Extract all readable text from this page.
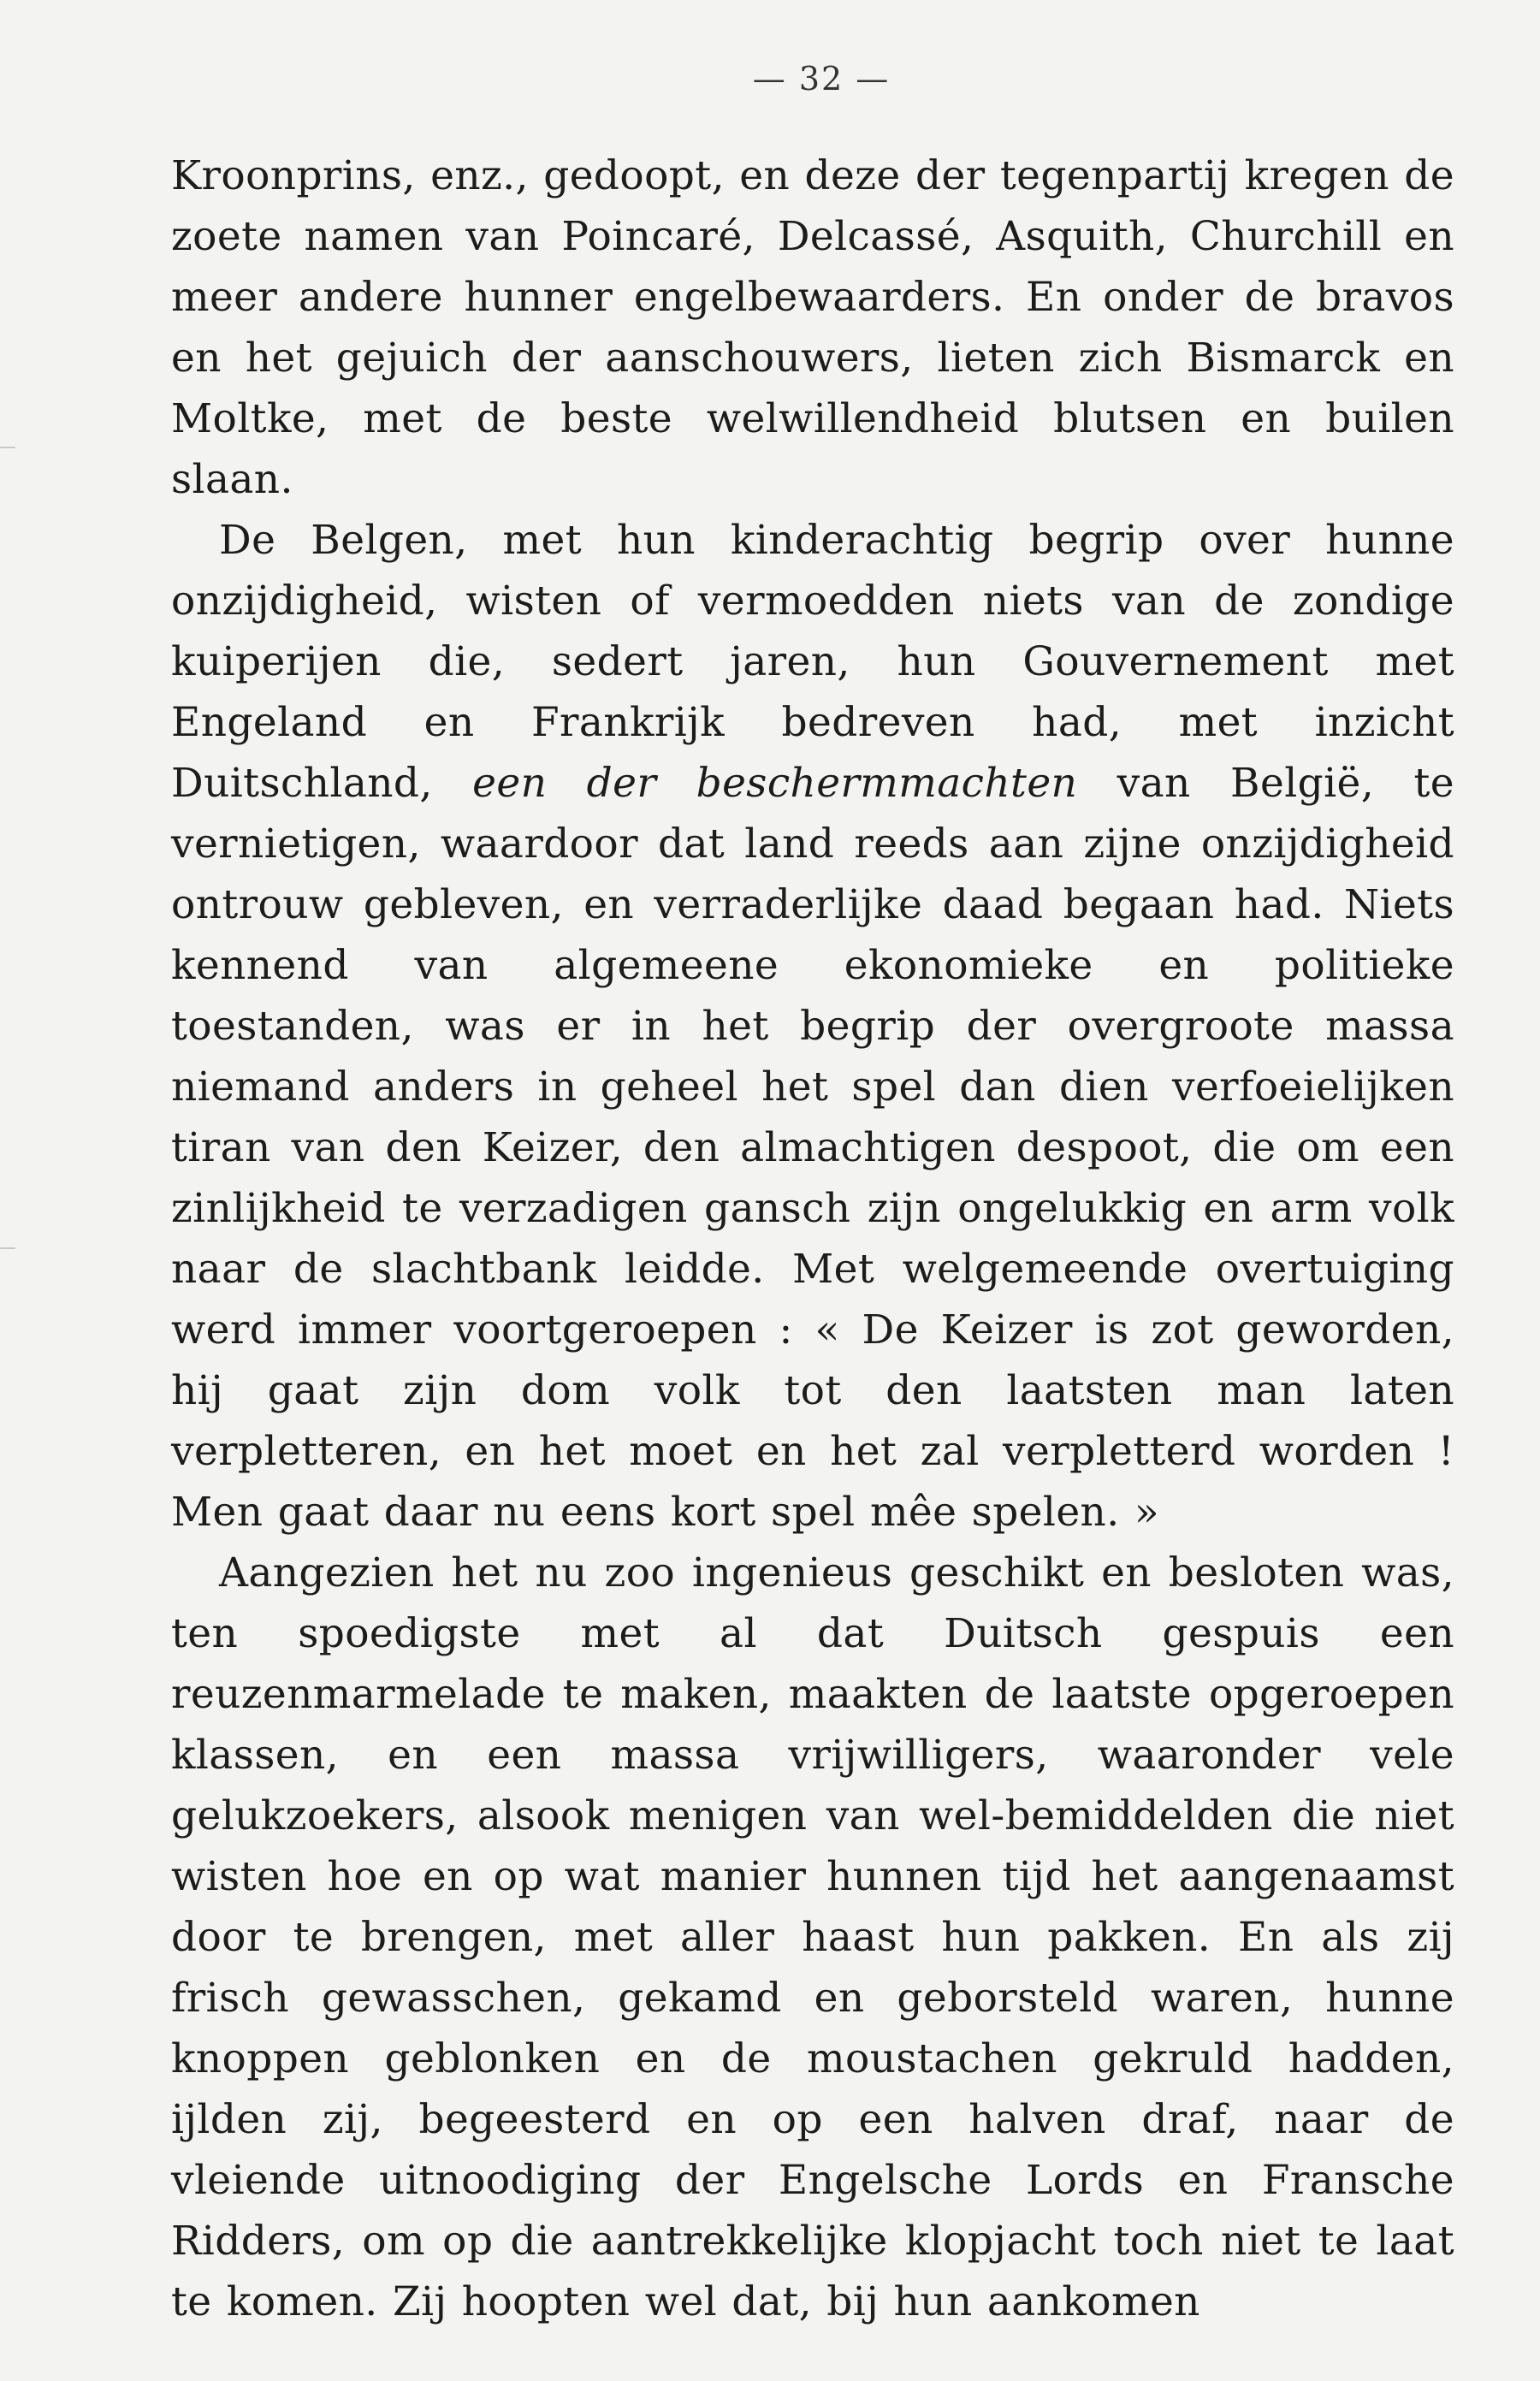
— 32 —

Kroonprins, enz., gedoopt, en deze der tegenpartij kregen de zoete namen van Poincaré, Delcassé, Asquith, Churchill en meer andere hunner engelbewaarders. En onder de bravos en het gejuich der aanschouwers, lieten zich Bismarck en Moltke, met de beste welwillendheid blutsen en builen slaan.

De Belgen, met hun kinderachtig begrip over hunne onzijdigheid, wisten of vermoedden niets van de zondige kuiperijen die, sedert jaren, hun Gouvernement met Engeland en Frankrijk bedreven had, met inzicht Duitschland, een der beschermmachten van België, te vernietigen, waardoor dat land reeds aan zijne onzijdigheid ontrouw gebleven, en verraderlijke daad begaan had. Niets kennend van algemeene ekonomieke en politieke toestanden, was er in het begrip der overgroote massa niemand anders in geheel het spel dan dien verfoeielijken tiran van den Keizer, den almachtigen despoot, die om een zinlijkheid te verzadigen gansch zijn ongelukkig en arm volk naar de slachtbank leidde. Met welgemeende overtuiging werd immer voortgeroepen : « De Keizer is zot geworden, hij gaat zijn dom volk tot den laatsten man laten verpletteren, en het moet en het zal verpletterd worden ! Men gaat daar nu eens kort spel mêe spelen. »

Aangezien het nu zoo ingenieus geschikt en besloten was, ten spoedigste met al dat Duitsch gespuis een reuzenmarmelade te maken, maakten de laatste opgeroepen klassen, en een massa vrijwilligers, waaronder vele gelukzoekers, alsook menigen van wel-bemiddelden die niet wisten hoe en op wat manier hunnen tijd het aangenaamst door te brengen, met aller haast hun pakken. En als zij frisch gewasschen, gekamd en geborsteld waren, hunne knoppen geblonken en de moustachen gekruld hadden, ijlden zij, begeesterd en op een halven draf, naar de vleiende uitnoodiging der Engelsche Lords en Fransche Ridders, om op die aantrekkelijke klopjacht toch niet te laat te komen. Zij hoopten wel dat, bij hun aankomen
